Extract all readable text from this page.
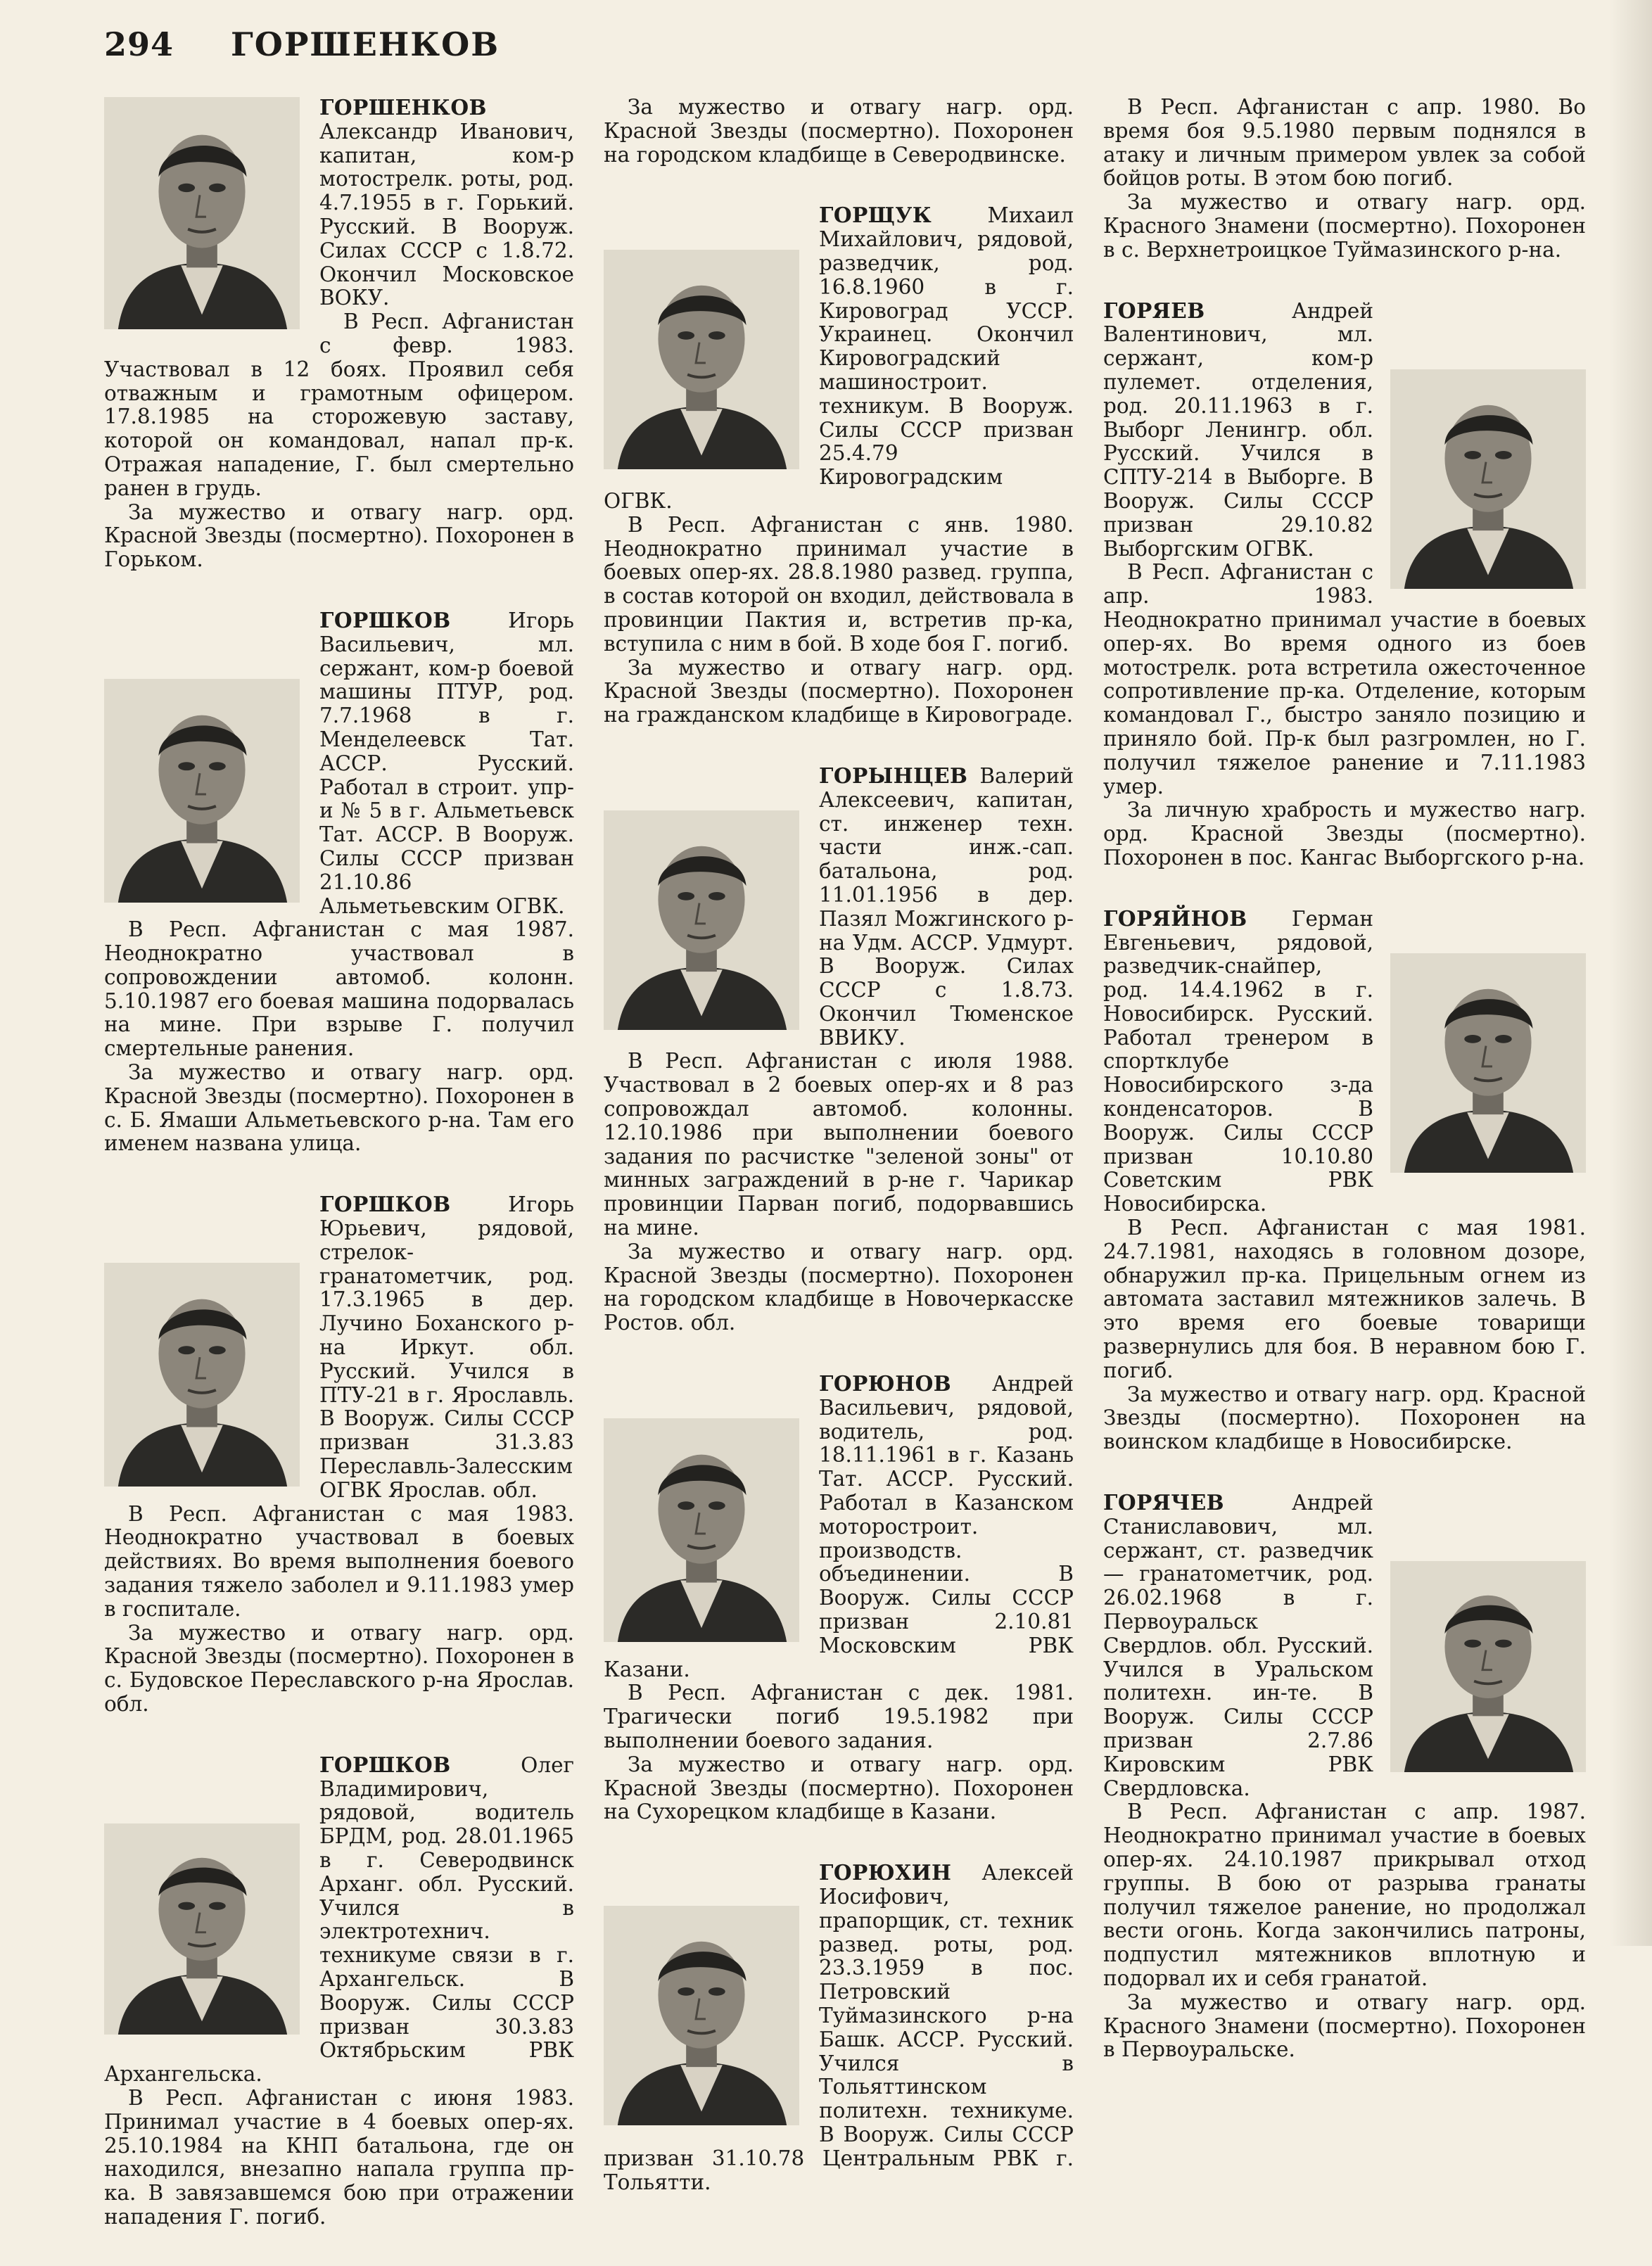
294 ГОРШЕНКОВ

ГОРШЕНКОВ Александр Иванович, капитан, ком-р мотострелк. роты, род. 4.7.1955 в г. Горький. Русский. В Вооруж. Силах СССР с 1.8.72. Окончил Московское ВОКУ.

В Респ. Афганистан с февр. 1983. Участвовал в 12 боях. Проявил себя отважным и грамотным офицером. 17.8.1985 на сторожевую заставу, которой он командовал, напал пр-к. Отражая нападение, Г. был смертельно ранен в грудь.

За мужество и отвагу нагр. орд. Красной Звезды (посмертно). Похоронен в Горьком.

ГОРШКОВ	Игорь Васильевич, мл. сержант, ком-р боевой машины ПТУР, род. 7.7.1968 в г. Менделеевск Тат. АССР. Русский. Работал в строит. упр-и № 5 в г. Альметьевск Тат. АССР. В Вооруж. Силы СССР призван 21.10.86 Альметьевским ОГВК.

В Респ. Афганистан с мая 1987. Неоднократно участвовал в сопровождении автомоб. колонн. 5.10.1987 его боевая машина подорвалась на мине. При взрыве Г. получил смертельные ранения.

За мужество и отвагу нагр. орд. Красной Звезды (посмертно). Похоронен в с. Б. Ямаши Альметьевского р-на. Там его именем названа улица.

ГОРШКОВ	Игорь Юрьевич, рядовой, стрелок-гранатометчик, род. 17.3.1965 в дер. Лучино Боханского р-на Иркут. обл. Русский. Учился в ПТУ-21 в г. Ярославль. В Вооруж. Силы СССР призван 31.3.83 Переславль-Залесским ОГВК Ярослав. обл.

В Респ. Афганистан с мая 1983. Неоднократно участвовал в боевых действиях. Во время выполнения боевого задания тяжело заболел и 9.11.1983 умер в госпитале.

За мужество и отвагу нагр. орд. Красной Звезды (посмертно). Похоронен в с. Будовское Переславского р-на Ярослав. обл.

ГОРШКОВ	Олег Владимирович, рядовой, водитель БРДМ, род. 28.01.1965 в г. Северодвинск Арханг. обл. Русский. Учился в электротехнич. техникуме связи в г. Архангельск. В Вооруж. Силы СССР призван 30.3.83 Октябрьским РВК Архангельска.

В Респ. Афганистан с июня 1983. Принимал участие в 4 боевых опер-ях. 25.10.1984 на КНП батальона, где он находился, внезапно напала группа пр-ка. В завязавшемся бою при отражении нападения Г. погиб.

За мужество и отвагу нагр. орд. Красной Звезды (посмертно). Похоронен на городском кладбище в Северодвинске.

ГОРЩУК	Михаил Михайлович, рядовой, разведчик, род. 16.8.1960 в г. Кировоград УССР. Украинец. Окончил Кировоградский машиностроит. техникум. В Вооруж. Силы СССР призван 25.4.79 Кировоградским ОГВК.

В Респ. Афганистан с янв. 1980. Неоднократно принимал участие в боевых опер-ях. 28.8.1980 развед. группа, в состав которой он входил, действовала в провинции Пактия и, встретив пр-ка, вступила с ним в бой. В ходе боя Г. погиб.

За мужество и отвагу нагр. орд. Красной Звезды (посмертно). Похоронен на гражданском кладбище в Кировограде.

ГОРЫНЦЕВ Валерий Алексеевич, капитан, ст. инженер техн. части инж.-сап. батальона, род. 11.01.1956 в дер. Пазял Можгинского р-на Удм. АССР. Удмурт. В Вооруж. Силах СССР с 1.8.73. Окончил Тюменское ВВИКУ.

В Респ. Афганистан с июля 1988. Участвовал в 2 боевых опер-ях и 8 раз сопровождал автомоб. колонны. 12.10.1986 при выполнении боевого задания по расчистке "зеленой зоны" от минных заграждений в р-не г. Чарикар провинции Парван погиб, подорвавшись на мине.

За мужество и отвагу нагр. орд. Красной Звезды (посмертно). Похоронен на городском кладбище в Новочеркасске Ростов. обл.

ГОРЮНОВ Андрей Васильевич, рядовой, водитель, род. 18.11.1961 в г. Казань Тат. АССР. Русский. Работал в Казанском моторостроит. производств. объединении. В Вооруж. Силы СССР призван 2.10.81 Московским РВК Казани.

В Респ. Афганистан с дек. 1981. Трагически погиб 19.5.1982 при выполнении боевого задания.

За мужество и отвагу нагр. орд. Красной Звезды (посмертно). Похоронен на Сухорецком кладбище в Казани.

ГОРЮХИН Алексей Иосифович, прапорщик, ст. техник развед. роты, род. 23.3.1959 в пос. Петровский Туймазинского р-на Башк. АССР. Русский. Учился в Тольяттинском политехн. техникуме. В Вооруж. Силы СССР призван 31.10.78 Центральным РВК г. Тольятти.

В Респ. Афганистан с апр. 1980. Во время боя 9.5.1980 первым поднялся в атаку и личным примером увлек за собой бойцов роты. В этом бою погиб.

За мужество и отвагу нагр. орд. Красного Знамени (посмертно). Похоронен в с. Верхнетроицкое Туймазинского р-на.

ГОРЯЕВ	Андрей Валентинович, мл. сержант, ком-р пулемет. отделения, род. 20.11.1963 в г. Выборг Ленингр. обл. Русский. Учился в СПТУ-214 в Выборге. В Вооруж. Силы СССР призван 29.10.82 Выборгским ОГВК.

В Респ. Афганистан с апр. 1983. Неоднократно принимал участие в боевых опер-ях. Во время одного из боев мотострелк. рота встретила ожесточенное сопротивление пр-ка. Отделение, которым командовал Г., быстро заняло позицию и приняло бой. Пр-к был разгромлен, но Г. получил тяжелое ранение и 7.11.1983 умер.

За личную храбрость и мужество нагр. орд. Красной Звезды (посмертно). Похоронен в пос. Кангас Выборгского р-на.

ГОРЯЙНОВ Герман Евгеньевич, рядовой, разведчик-снайпер, род. 14.4.1962 в г. Новосибирск. Русский. Работал тренером в спортклубе Новосибирского з-да конденсаторов. В Вооруж. Силы СССР призван 10.10.80 Советским РВК Новосибирска.

В Респ. Афганистан с мая 1981. 24.7.1981, находясь в головном дозоре, обнаружил пр-ка. Прицельным огнем из автомата заставил мятежников залечь. В это время его боевые товарищи развернулись для боя. В неравном бою Г. погиб.

За мужество и отвагу нагр. орд. Красной Звезды (посмертно). Похоронен на воинском кладбище в Новосибирске.

ГОРЯЧЕВ	Андрей Станиславович, мл. сержант, ст. разведчик — гранатометчик, род. 26.02.1968 в г. Первоуральск Свердлов. обл. Русский. Учился в Уральском политехн. ин-те. В Вооруж. Силы СССР призван 2.7.86 Кировским РВК Свердловска.

В Респ. Афганистан с апр. 1987. Неоднократно принимал участие в боевых опер-ях. 24.10.1987 прикрывал отход группы. В бою от разрыва гранаты получил тяжелое ранение, но продолжал вести огонь. Когда закончились патроны, подпустил мятежников вплотную и подорвал их и себя гранатой.

За мужество и отвагу нагр. орд. Красного Знамени (посмертно). Похоронен в Первоуральске.
